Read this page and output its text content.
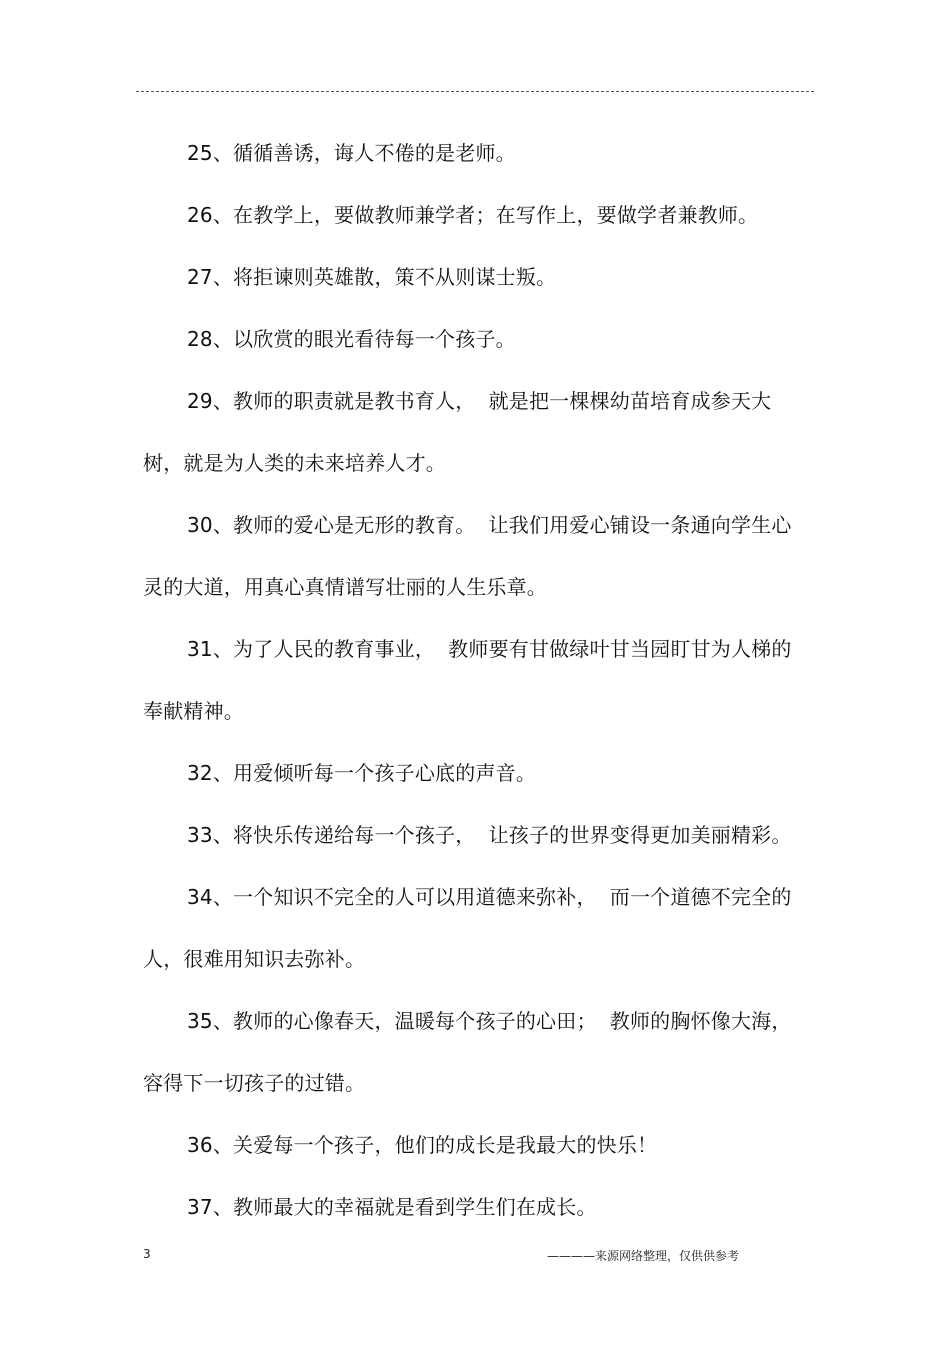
25、循循善诱，诲人不倦的是老师。

26、在教学上，要做教师兼学者；在写作上，要做学者兼教师。

27、将拒谏则英雄散，策不从则谋士叛。

28、以欣赏的眼光看待每一个孩子。

29、教师的职责就是教书育人，  就是把一棵棵幼苗培育成参天大树，就是为人类的未来培养人才。

30、教师的爱心是无形的教育。  让我们用爱心铺设一条通向学生心灵的大道，用真心真情谱写壮丽的人生乐章。

31、为了人民的教育事业，  教师要有甘做绿叶甘当园盯甘为人梯的奉献精神。

32、用爱倾听每一个孩子心底的声音。

33、将快乐传递给每一个孩子，  让孩子的世界变得更加美丽精彩。

34、一个知识不完全的人可以用道德来弥补，  而一个道德不完全的人，很难用知识去弥补。

35、教师的心像春天，温暖每个孩子的心田；  教师的胸怀像大海，容得下一切孩子的过错。

36、关爱每一个孩子，他们的成长是我最大的快乐！

37、教师最大的幸福就是看到学生们在成长。

3	————来源网络整理，仅供供参考
